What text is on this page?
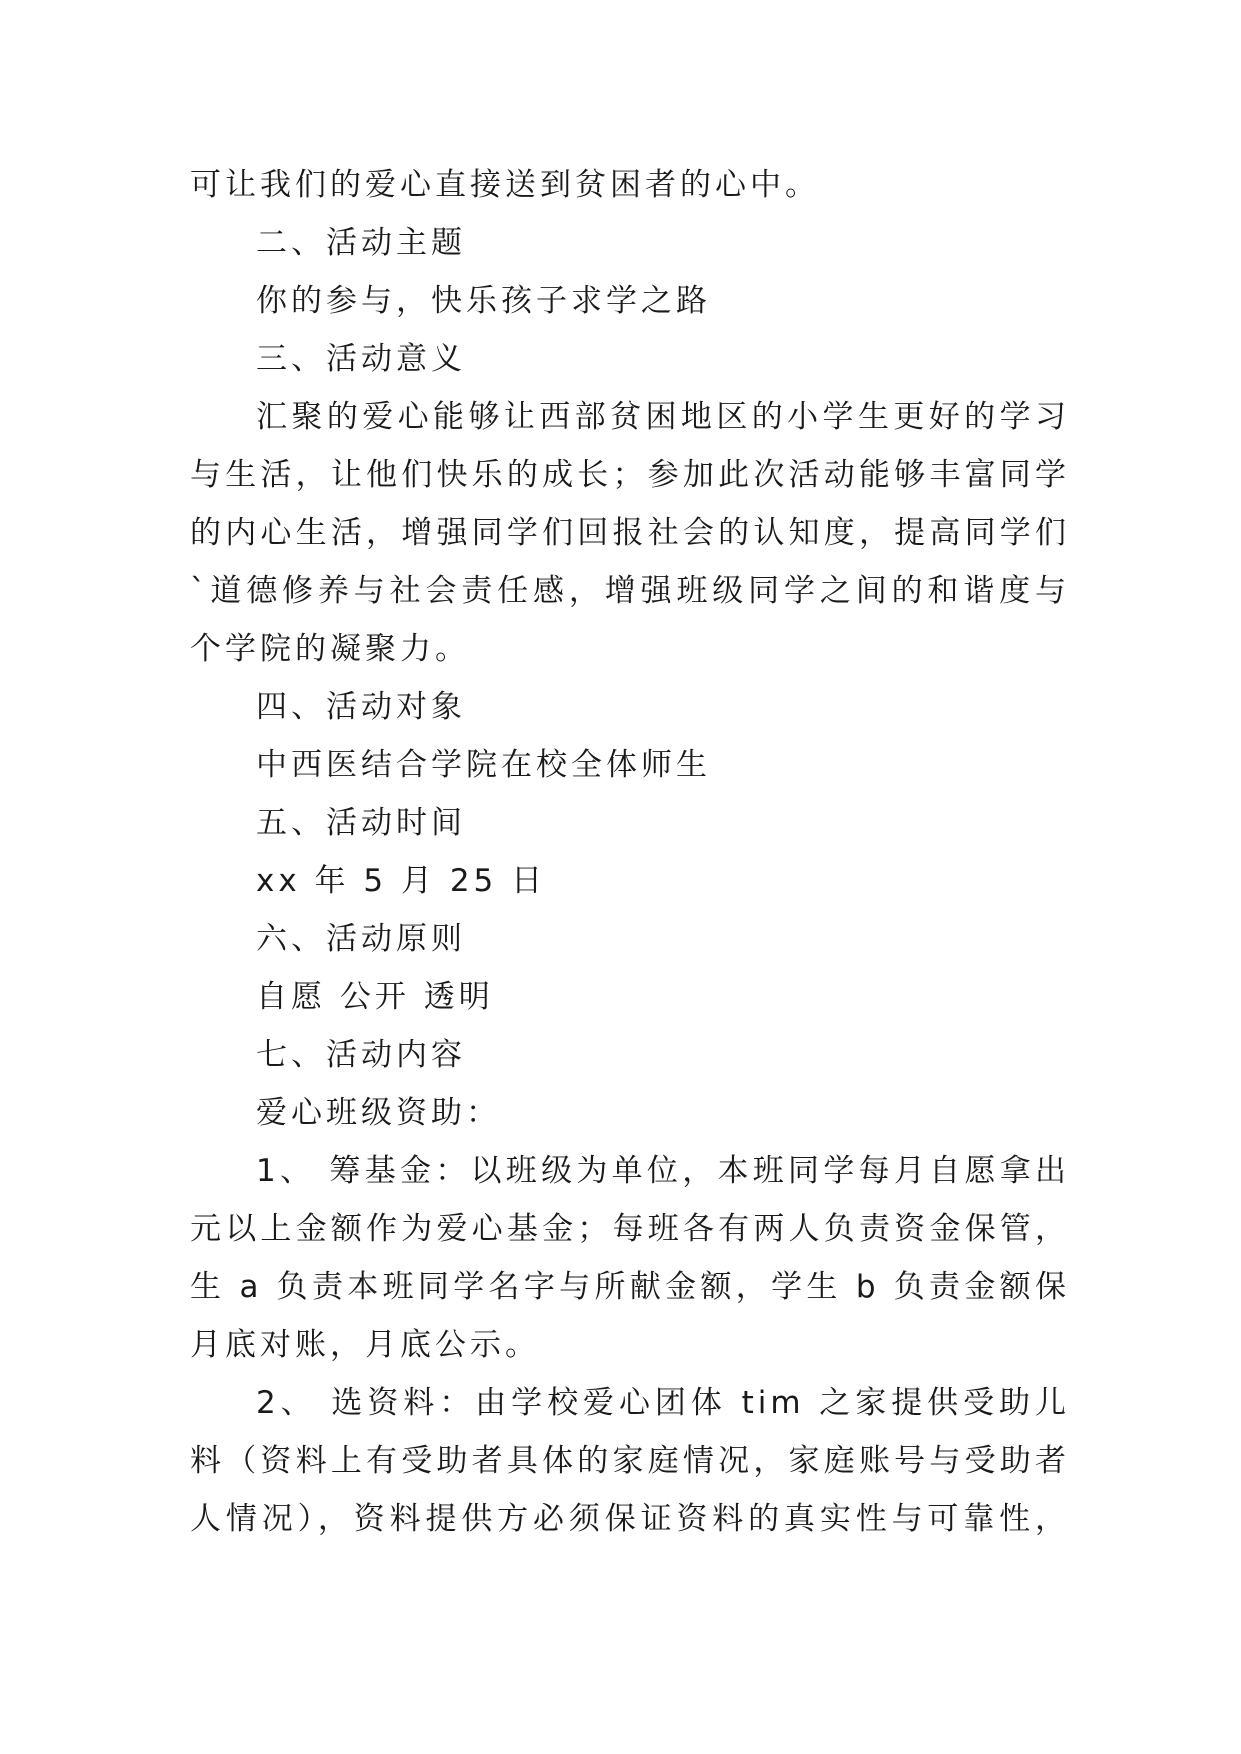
可让我们的爱心直接送到贫困者的心中。

二、活动主题

你的参与，快乐孩子求学之路

三、活动意义

汇聚的爱心能够让西部贫困地区的小学生更好的学习

与生活，让他们快乐的成长；参加此次活动能够丰富同学

的内心生活，增强同学们回报社会的认知度，提高同学们

`道德修养与社会责任感，增强班级同学之间的和谐度与

个学院的凝聚力。

四、活动对象

中西医结合学院在校全体师生

五、活动时间

xx 年 5 月 25 日

六、活动原则

自愿 公开 透明

七、活动内容

爱心班级资助：

1、 筹基金：以班级为单位，本班同学每月自愿拿出

元以上金额作为爱心基金；每班各有两人负责资金保管，

生 a 负责本班同学名字与所献金额，学生 b 负责金额保

月底对账，月底公示。

2、 选资料：由学校爱心团体 tim 之家提供受助儿

料（资料上有受助者具体的家庭情况，家庭账号与受助者

人情况），资料提供方必须保证资料的真实性与可靠性，
